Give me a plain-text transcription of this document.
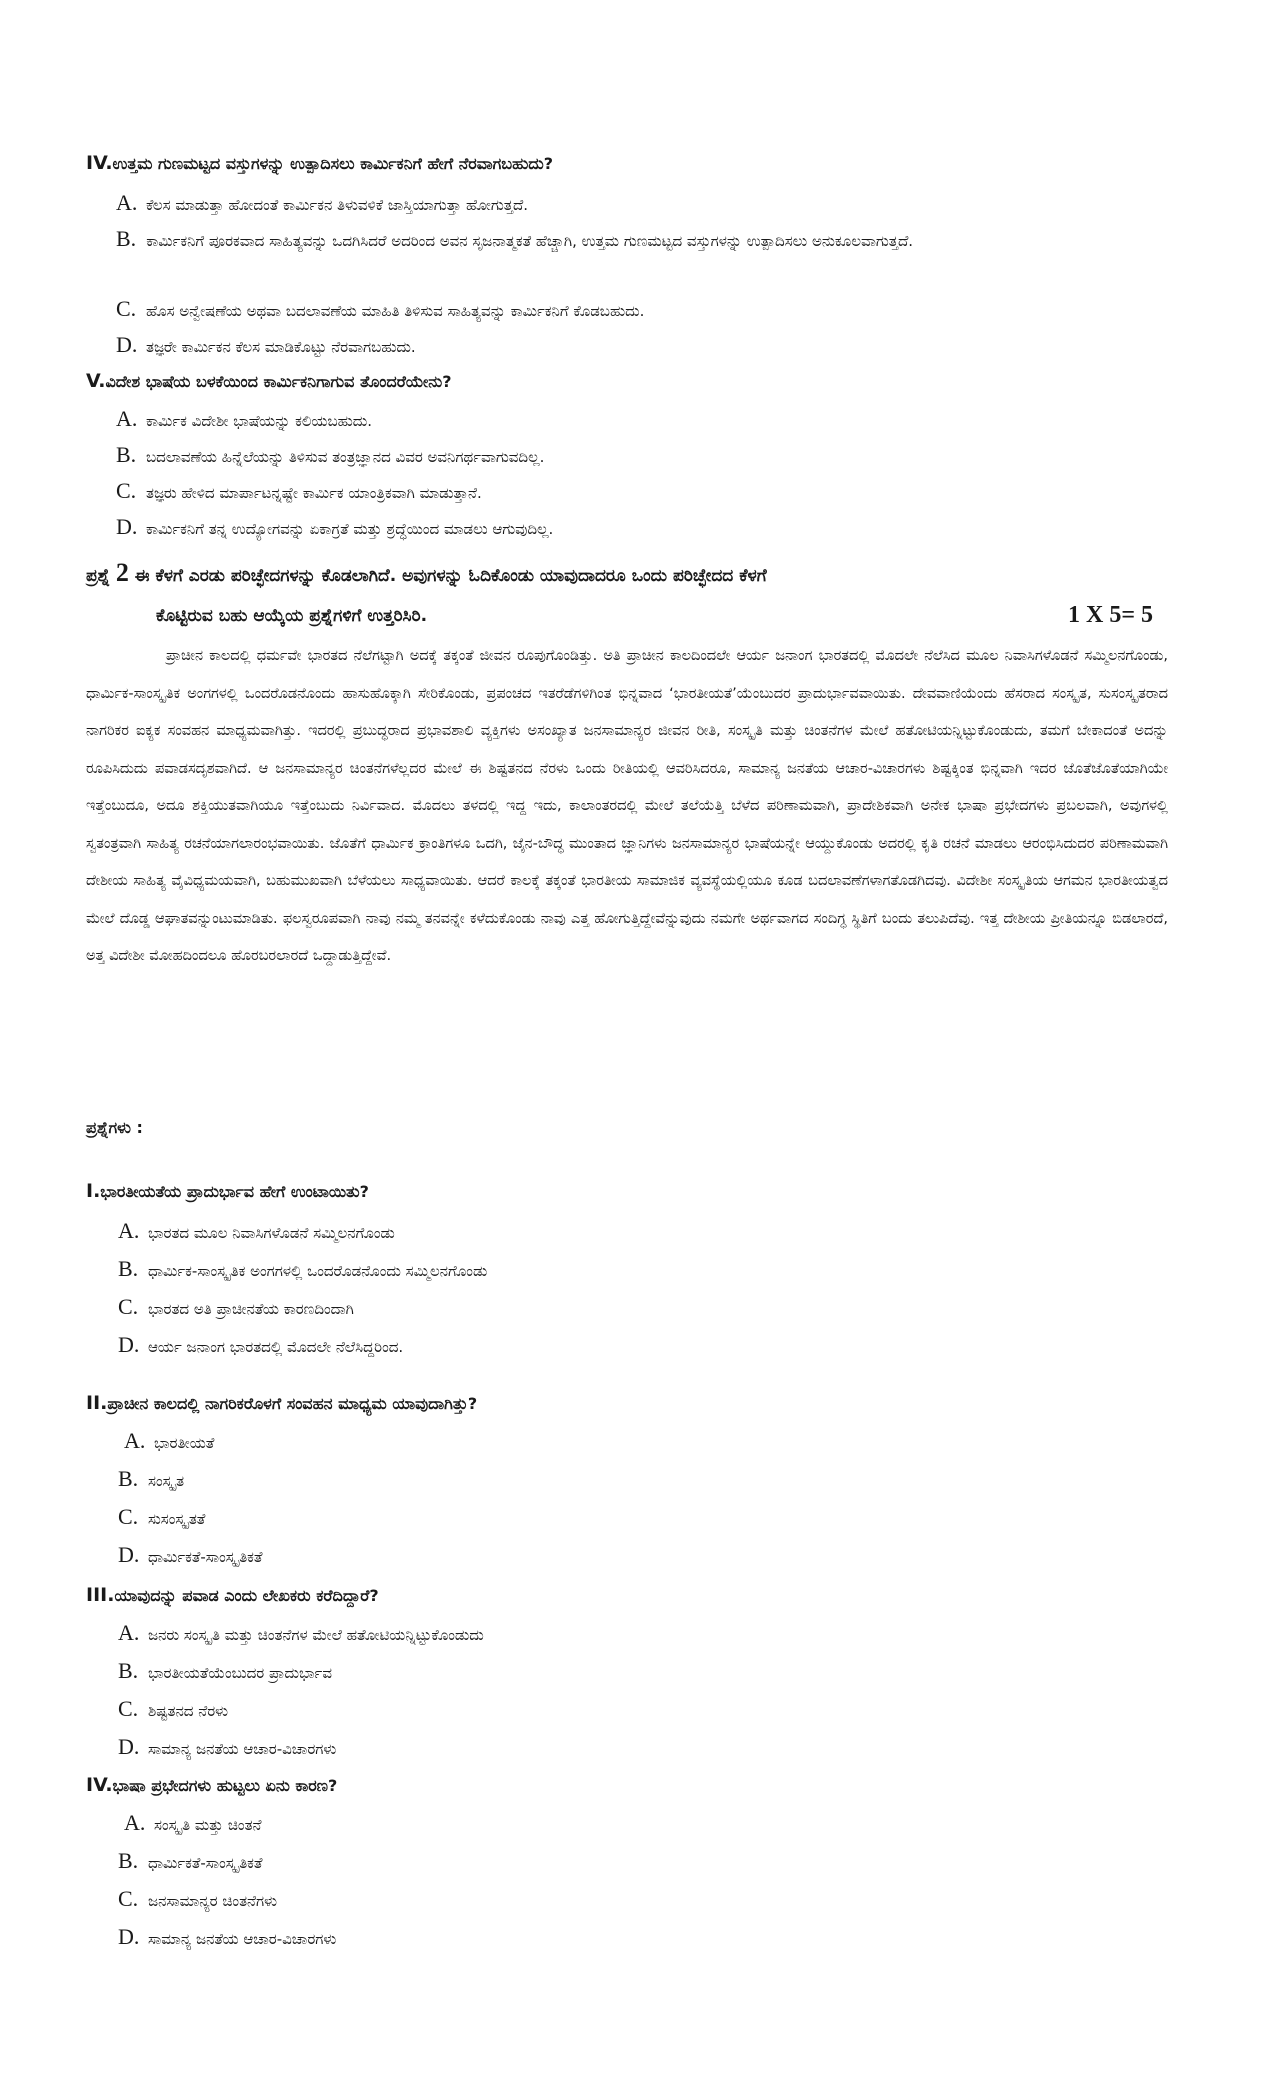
IV.ಉತ್ತಮ ಗುಣಮಟ್ಟದ ವಸ್ತುಗಳನ್ನು ಉತ್ಪಾದಿಸಲು ಕಾರ್ಮಿಕನಿಗೆ ಹೇಗೆ ನೆರವಾಗಬಹುದು?
A. ಕೆಲಸ ಮಾಡುತ್ತಾ ಹೋದಂತೆ ಕಾರ್ಮಿಕನ ತಿಳುವಳಿಕೆ ಜಾಸ್ತಿಯಾಗುತ್ತಾ ಹೋಗುತ್ತದೆ.
B. ಕಾರ್ಮಿಕನಿಗೆ ಪೂರಕವಾದ ಸಾಹಿತ್ಯವನ್ನು ಒದಗಿಸಿದರೆ ಅದರಿಂದ ಅವನ ಸೃಜನಾತ್ಮಕತೆ ಹೆಚ್ಚಾಗಿ, ಉತ್ತಮ ಗುಣಮಟ್ಟದ ವಸ್ತುಗಳನ್ನು ಉತ್ಪಾದಿಸಲು ಅನುಕೂಲವಾಗುತ್ತದೆ.
C. ಹೊಸ ಅನ್ವೇಷಣೆಯ ಅಥವಾ ಬದಲಾವಣೆಯ ಮಾಹಿತಿ ತಿಳಿಸುವ ಸಾಹಿತ್ಯವನ್ನು ಕಾರ್ಮಿಕನಿಗೆ ಕೊಡಬಹುದು.
D. ತಜ್ಞರೇ ಕಾರ್ಮಿಕನ ಕೆಲಸ ಮಾಡಿಕೊಟ್ಟು ನೆರವಾಗಬಹುದು.
V.ವಿದೇಶ ಭಾಷೆಯ ಬಳಕೆಯಿಂದ ಕಾರ್ಮಿಕನಿಗಾಗುವ ತೊಂದರೆಯೇನು?
A. ಕಾರ್ಮಿಕ ವಿದೇಶೀ ಭಾಷೆಯನ್ನು ಕಲಿಯಬಹುದು.
B. ಬದಲಾವಣೆಯ ಹಿನ್ನೆಲೆಯನ್ನು ತಿಳಿಸುವ ತಂತ್ರಜ್ಞಾನದ ವಿವರ ಅವನಿಗರ್ಥವಾಗುವದಿಲ್ಲ.
C. ತಜ್ಞರು ಹೇಳಿದ ಮಾರ್ಪಾಟನ್ನಷ್ಟೇ ಕಾರ್ಮಿಕ ಯಾಂತ್ರಿಕವಾಗಿ ಮಾಡುತ್ತಾನೆ.
D. ಕಾರ್ಮಿಕನಿಗೆ ತನ್ನ ಉದ್ಯೋಗವನ್ನು ಏಕಾಗ್ರತೆ ಮತ್ತು ಶ್ರದ್ಧೆಯಿಂದ ಮಾಡಲು ಆಗುವುದಿಲ್ಲ.
ಪ್ರಶ್ನೆ 2 ಈ ಕೆಳಗೆ ಎರಡು ಪರಿಚ್ಛೇದಗಳನ್ನು ಕೊಡಲಾಗಿದೆ. ಅವುಗಳನ್ನು ಓದಿಕೊಂಡು ಯಾವುದಾದರೂ ಒಂದು ಪರಿಚ್ಛೇದದ ಕೆಳಗೆ
ಕೊಟ್ಟಿರುವ ಬಹು ಆಯ್ಕೆಯ ಪ್ರಶ್ನೆಗಳಿಗೆ ಉತ್ತರಿಸಿರಿ.	1 X 5= 5
ಪ್ರಾಚೀನ ಕಾಲದಲ್ಲಿ ಧರ್ಮವೇ ಭಾರತದ ನೆಲೆಗಟ್ಟಾಗಿ ಅದಕ್ಕೆ ತಕ್ಕಂತೆ ಜೀವನ ರೂಪುಗೊಂಡಿತ್ತು. ಅತಿ ಪ್ರಾಚೀನ ಕಾಲದಿಂದಲೇ ಆರ್ಯ ಜನಾಂಗ ಭಾರತದಲ್ಲಿ ಮೊದಲೇ ನೆಲೆಸಿದ ಮೂಲ ನಿವಾಸಿಗಳೊಡನೆ ಸಮ್ಮಿಲನಗೊಂಡು, ಧಾರ್ಮಿಕ-ಸಾಂಸ್ಕೃತಿಕ ಅಂಗಗಳಲ್ಲಿ ಒಂದರೊಡನೊಂದು ಹಾಸುಹೊಕ್ಕಾಗಿ ಸೇರಿಕೊಂಡು, ಪ್ರಪಂಚದ ಇತರೆಡೆಗಳಿಗಿಂತ ಭಿನ್ನವಾದ ‘ಭಾರತೀಯತೆ’ಯೆಂಬುದರ ಪ್ರಾದುರ್ಭಾವವಾಯಿತು. ದೇವವಾಣಿಯೆಂದು ಹೆಸರಾದ ಸಂಸ್ಕೃತ, ಸುಸಂಸ್ಕೃತರಾದ ನಾಗರಿಕರ ಐಕ್ಯಕ ಸಂವಹನ ಮಾಧ್ಯಮವಾಗಿತ್ತು. ಇದರಲ್ಲಿ ಪ್ರಬುದ್ಧರಾದ ಪ್ರಭಾವಶಾಲಿ ವ್ಯಕ್ತಿಗಳು ಅಸಂಖ್ಯಾತ ಜನಸಾಮಾನ್ಯರ ಜೀವನ ರೀತಿ, ಸಂಸ್ಕೃತಿ ಮತ್ತು ಚಿಂತನೆಗಳ ಮೇಲೆ ಹತೋಟಿಯನ್ನಿಟ್ಟುಕೊಂಡುದು, ತಮಗೆ ಬೇಕಾದಂತೆ ಅದನ್ನು ರೂಪಿಸಿದುದು ಪವಾಡಸದೃಶವಾಗಿದೆ. ಆ ಜನಸಾಮಾನ್ಯರ ಚಿಂತನೆಗಳೆಲ್ಲದರ ಮೇಲೆ ಈ ಶಿಷ್ಟತನದ ನೆರಳು ಒಂದು ರೀತಿಯಲ್ಲಿ ಆವರಿಸಿದರೂ, ಸಾಮಾನ್ಯ ಜನತೆಯ ಆಚಾರ-ವಿಚಾರಗಳು ಶಿಷ್ಟಕ್ಕಿಂತ ಭಿನ್ನವಾಗಿ ಇದರ ಜೊತೆಜೊತೆಯಾಗಿಯೇ ಇತ್ತೆಂಬುದೂ, ಅದೂ ಶಕ್ತಿಯುತವಾಗಿಯೂ ಇತ್ತೆಂಬುದು ನಿರ್ವಿವಾದ. ಮೊದಲು ತಳದಲ್ಲಿ ಇದ್ದ ಇದು, ಕಾಲಾಂತರದಲ್ಲಿ ಮೇಲೆ ತಲೆಯೆತ್ತಿ ಬೆಳೆದ ಪರಿಣಾಮವಾಗಿ, ಪ್ರಾದೇಶಿಕವಾಗಿ ಅನೇಕ ಭಾಷಾ ಪ್ರಭೇದಗಳು ಪ್ರಬಲವಾಗಿ, ಅವುಗಳಲ್ಲಿ ಸ್ವತಂತ್ರವಾಗಿ ಸಾಹಿತ್ಯ ರಚನೆಯಾಗಲಾರಂಭವಾಯಿತು. ಜೊತೆಗೆ ಧಾರ್ಮಿಕ ಕ್ರಾಂತಿಗಳೂ ಒದಗಿ, ಜೈನ-ಬೌದ್ಧ ಮುಂತಾದ ಜ್ಞಾನಿಗಳು ಜನಸಾಮಾನ್ಯರ ಭಾಷೆಯನ್ನೇ ಆಯ್ದುಕೊಂಡು ಅದರಲ್ಲಿ ಕೃತಿ ರಚನೆ ಮಾಡಲು ಆರಂಭಿಸಿದುದರ ಪರಿಣಾಮವಾಗಿ ದೇಶೀಯ ಸಾಹಿತ್ಯ ವೈವಿಧ್ಯಮಯವಾಗಿ, ಬಹುಮುಖವಾಗಿ ಬೆಳೆಯಲು ಸಾಧ್ಯವಾಯಿತು. ಆದರೆ ಕಾಲಕ್ಕೆ ತಕ್ಕಂತೆ ಭಾರತೀಯ ಸಾಮಾಜಿಕ ವ್ಯವಸ್ಥೆಯಲ್ಲಿಯೂ ಕೂಡ ಬದಲಾವಣೆಗಳಾಗತೊಡಗಿದವು. ವಿದೇಶೀ ಸಂಸ್ಕೃತಿಯ ಆಗಮನ ಭಾರತೀಯತ್ವದ ಮೇಲೆ ದೊಡ್ಡ ಆಘಾತವನ್ನುಂಟುಮಾಡಿತು. ಫಲಸ್ವರೂಪವಾಗಿ ನಾವು ನಮ್ಮ ತನವನ್ನೇ ಕಳೆದುಕೊಂಡು ನಾವು ಎತ್ತ ಹೋಗುತ್ತಿದ್ದೇವೆನ್ನುವುದು ನಮಗೇ ಅರ್ಥವಾಗದ ಸಂದಿಗ್ಧ ಸ್ಥಿತಿಗೆ ಬಂದು ತಲುಪಿದೆವು. ಇತ್ತ ದೇಶೀಯ ಪ್ರೀತಿಯನ್ನೂ ಬಿಡಲಾರದೆ, ಅತ್ತ ವಿದೇಶೀ ಮೋಹದಿಂದಲೂ ಹೊರಬರಲಾರದೆ ಒದ್ದಾಡುತ್ತಿದ್ದೇವೆ.
ಪ್ರಶ್ನೆಗಳು :
I.ಭಾರತೀಯತೆಯ ಪ್ರಾದುರ್ಭಾವ ಹೇಗೆ ಉಂಟಾಯಿತು?
A. ಭಾರತದ ಮೂಲ ನಿವಾಸಿಗಳೊಡನೆ ಸಮ್ಮಿಲನಗೊಂಡು
B. ಧಾರ್ಮಿಕ-ಸಾಂಸ್ಕೃತಿಕ ಅಂಗಗಳಲ್ಲಿ ಒಂದರೊಡನೊಂದು ಸಮ್ಮಿಲನಗೊಂಡು
C. ಭಾರತದ ಅತಿ ಪ್ರಾಚೀನತೆಯ ಕಾರಣದಿಂದಾಗಿ
D. ಆರ್ಯ ಜನಾಂಗ ಭಾರತದಲ್ಲಿ ಮೊದಲೇ ನೆಲೆಸಿದ್ದರಿಂದ.
II.ಪ್ರಾಚೀನ ಕಾಲದಲ್ಲಿ ನಾಗರಿಕರೊಳಗೆ ಸಂವಹನ ಮಾಧ್ಯಮ ಯಾವುದಾಗಿತ್ತು?
A. ಭಾರತೀಯತೆ
B. ಸಂಸ್ಕೃತ
C. ಸುಸಂಸ್ಕೃತತೆ
D. ಧಾರ್ಮಿಕತೆ-ಸಾಂಸ್ಕೃತಿಕತೆ
III.ಯಾವುದನ್ನು ಪವಾಡ ಎಂದು ಲೇಖಕರು ಕರೆದಿದ್ದಾರೆ?
A. ಜನರು ಸಂಸ್ಕೃತಿ ಮತ್ತು ಚಿಂತನೆಗಳ ಮೇಲೆ ಹತೋಟಿಯನ್ನಿಟ್ಟುಕೊಂಡುದು
B. ಭಾರತೀಯತೆಯೆಂಬುದರ ಪ್ರಾದುರ್ಭಾವ
C. ಶಿಷ್ಟತನದ ನೆರಳು
D. ಸಾಮಾನ್ಯ ಜನತೆಯ ಆಚಾರ-ವಿಚಾರಗಳು
IV.ಭಾಷಾ ಪ್ರಭೇದಗಳು ಹುಟ್ಟಲು ಏನು ಕಾರಣ?
A. ಸಂಸ್ಕೃತಿ ಮತ್ತು ಚಿಂತನೆ
B. ಧಾರ್ಮಿಕತೆ-ಸಾಂಸ್ಕೃತಿಕತೆ
C. ಜನಸಾಮಾನ್ಯರ ಚಿಂತನೆಗಳು
D. ಸಾಮಾನ್ಯ ಜನತೆಯ ಆಚಾರ-ವಿಚಾರಗಳು
